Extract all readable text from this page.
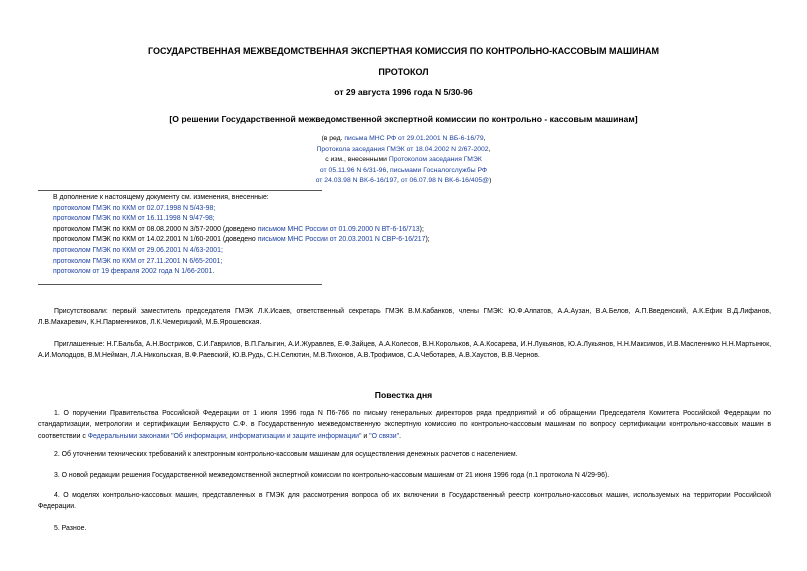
ГОСУДАРСТВЕННАЯ МЕЖВЕДОМСТВЕННАЯ ЭКСПЕРТНАЯ КОМИССИЯ ПО КОНТРОЛЬНО-КАССОВЫМ МАШИНАМ
ПРОТОКОЛ
от 29 августа 1996 года N 5/30-96
[О решении Государственной межведомственной экспертной комиссии по контрольно - кассовым машинам]
(в ред. письма МНС РФ от 29.01.2001 N ВБ-6-16/79,
Протокола заседания ГМЭК от 18.04.2002 N 2/67-2002,
с изм., внесенными Протоколом заседания ГМЭК
от 05.11.96 N 6/31-96, письмами Госналогслужбы РФ
от 24.03.98 N ВК-6-16/197, от 06.07.98 N ВК-6-16/405@)
В дополнение к настоящему документу см. изменения, внесенные:
протоколом ГМЭК по ККМ от 02.07.1998 N 5/43-98;
протоколом ГМЭК по ККМ от 16.11.1998 N 9/47-98;
протоколом ГМЭК по ККМ от 08.08.2000 N 3/57-2000 (доведено письмом МНС России от 01.09.2000 N ВТ-6-16/713);
протоколом ГМЭК по ККМ от 14.02.2001 N 1/60-2001 (доведено письмом МНС России от 20.03.2001 N СВР-6-16/217);
протоколом ГМЭК по ККМ от 29.06.2001 N 4/63-2001;
протоколом ГМЭК по ККМ от 27.11.2001 N 6/65-2001;
протоколом от 19 февраля 2002 года N 1/66-2001.
Присутствовали: первый заместитель председателя ГМЭК Л.К.Исаев, ответственный секретарь ГМЭК В.М.Кабанков, члены ГМЭК: Ю.Ф.Алпатов, А.А.Аузан, В.А.Белов, А.П.Введенский, А.К.Ефик В.Д.Лифанов, Л.В.Макаревич, К.Н.Парменников, Л.К.Чемерицкий, М.Б.Ярошевская.
Приглашенные: Н.Г.Бальба, А.Н.Востриков, С.И.Гаврилов, В.П.Галыгин, А.И.Журавлев, Е.Ф.Зайцев, А.А.Колесов, В.Н.Корольков, А.А.Косарева, И.Н.Лукьянов, Ю.А.Лукьянов, Н.Н.Максимов, И.В.Масленнико Н.Н.Мартынюк, А.И.Молодцов, В.М.Нейман, Л.А.Никольская, В.Ф.Раевский, Ю.В.Рудь, С.Н.Селютин, М.В.Тихонов, А.В.Трофимов, С.А.Чеботарев, А.В.Хаустов, В.В.Чернов.
Повестка дня
1. О поручении Правительства Российской Федерации от 1 июля 1996 года N П6-766 по письму генеральных директоров ряда предприятий и об обращении Председателя Комитета Российской Федерации по стандартизации, метрологии и сертификации Белякрусто С.Ф. в Государственную межведомственную экспертную комиссию по контрольно-кассовым машинам по вопросу сертификации контрольно-кассовых машин в соответствии с Федеральными законами "Об информации, информатизации и защите информации" и "О связи".
2. Об уточнении технических требований к электронным контрольно-кассовым машинам для осуществления денежных расчетов с населением.
3. О новой редакции решения Государственной межведомственной экспертной комиссии по контрольно-кассовым машинам от 21 июня 1996 года (п.1 протокола N 4/29-96).
4. О моделях контрольно-кассовых машин, представленных в ГМЭК для рассмотрения вопроса об их включении в Государственный реестр контрольно-кассовых машин, используемых на территории Российской Федерации.
5. Разное.
